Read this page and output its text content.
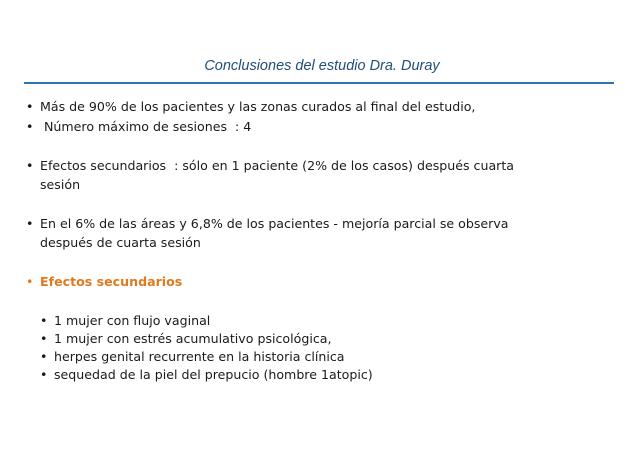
Conclusiones del estudio Dra. Duray
• Más de 90% de los pacientes y las zonas curados al final del estudio,
• Número máximo de sesiones  : 4
• Efectos secundarios  : sólo en 1 paciente (2% de los casos) después cuarta
sesión
• En el 6% de las áreas y 6,8% de los pacientes - mejoría parcial se observa
después de cuarta sesión
• Efectos secundarios
• 1 mujer con flujo vaginal
• 1 mujer con estrés acumulativo psicológica,
• herpes genital recurrente en la historia clínica
• sequedad de la piel del prepucio (hombre 1atopic)
